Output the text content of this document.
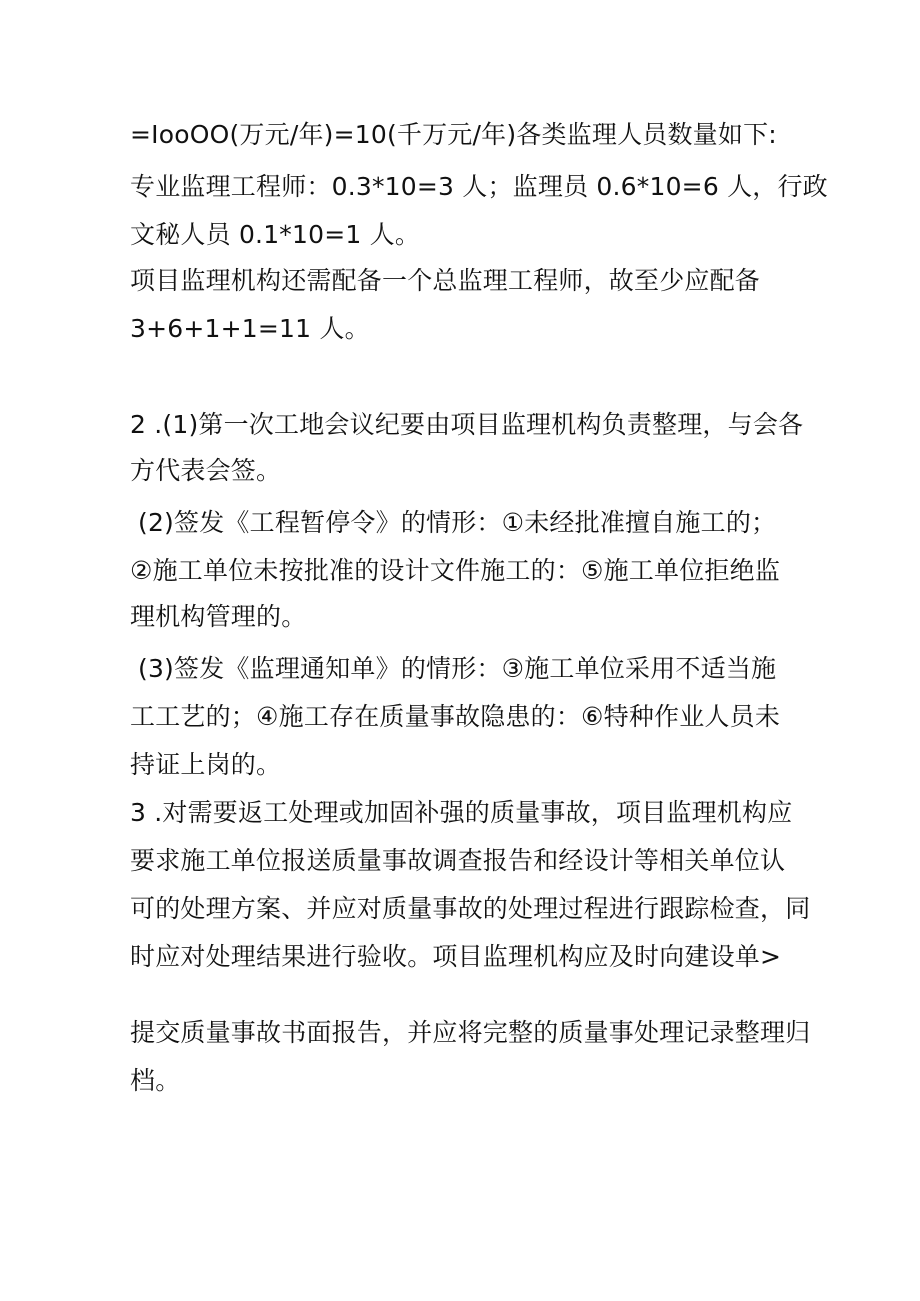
=IooOO(万元/年)=10(千万元/年)各类监理人员数量如下:
专业监理工程师：0.3*10=3 人；监理员 0.6*10=6 人，行政
文秘人员 0.1*10=1 人。
项目监理机构还需配备一个总监理工程师，故至少应配备
3+6+1+1=11 人。
2 .(1)第一次工地会议纪要由项目监理机构负责整理，与会各
方代表会签。
(2)签发《工程暂停令》的情形：①未经批准擅自施工的；
②施工单位未按批准的设计文件施工的：⑤施工单位拒绝监
理机构管理的。
(3)签发《监理通知单》的情形：③施工单位采用不适当施
工工艺的；④施工存在质量事故隐患的：⑥特种作业人员未
持证上岗的。
3 .对需要返工处理或加固补强的质量事故，项目监理机构应
要求施工单位报送质量事故调查报告和经设计等相关单位认
可的处理方案、并应对质量事故的处理过程进行跟踪检查，同
时应对处理结果进行验收。项目监理机构应及时向建设单>
提交质量事故书面报告，并应将完整的质量事处理记录整理归
档。
